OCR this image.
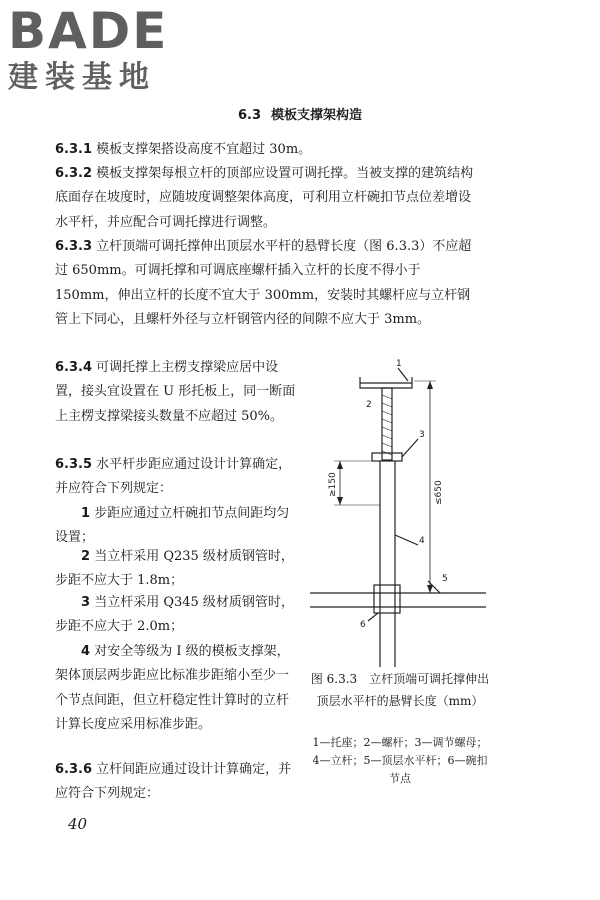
BADE
建装基地
6.3 模板支撑架构造
6.3.1 模板支撑架搭设高度不宜超过 30m。
6.3.2 模板支撑架每根立杆的顶部应设置可调托撑。当被支撑的建筑结构底面存在坡度时，应随坡度调整架体高度，可利用立杆碗扣节点位差增设水平杆，并应配合可调托撑进行调整。
6.3.3 立杆顶端可调托撑伸出顶层水平杆的悬臂长度（图 6.3.3）不应超过 650mm。可调托撑和可调底座螺杆插入立杆的长度不得小于 150mm，伸出立杆的长度不宜大于 300mm，安装时其螺杆应与立杆钢管上下同心，且螺杆外径与立杆钢管内径的间隙不应大于 3mm。
6.3.4 可调托撑上主楞支撑梁应居中设置，接头宜设置在 U 形托板上，同一断面上主楞支撑梁接头数量不应超过 50%。
6.3.5 水平杆步距应通过设计计算确定，并应符合下列规定：
1 步距应通过立杆碗扣节点间距均匀设置；
2 当立杆采用 Q235 级材质钢管时，步距不应大于 1.8m；
3 当立杆采用 Q345 级材质钢管时，步距不应大于 2.0m；
4 对安全等级为 Ⅰ 级的模板支撑架，架体顶层两步距应比标准步距缩小至少一个节点间距，但立杆稳定性计算时的立杆计算长度应采用标准步距。
6.3.6 立杆间距应通过设计计算确定，并应符合下列规定：
1
2
3
4
5
6
≥150	≤650
图 6.3.3　立杆顶端可调托撑伸出顶层水平杆的悬臂长度（mm）
1—托座；2—螺杆；3—调节螺母；4—立杆；5—顶层水平杆；6—碗扣节点
40
